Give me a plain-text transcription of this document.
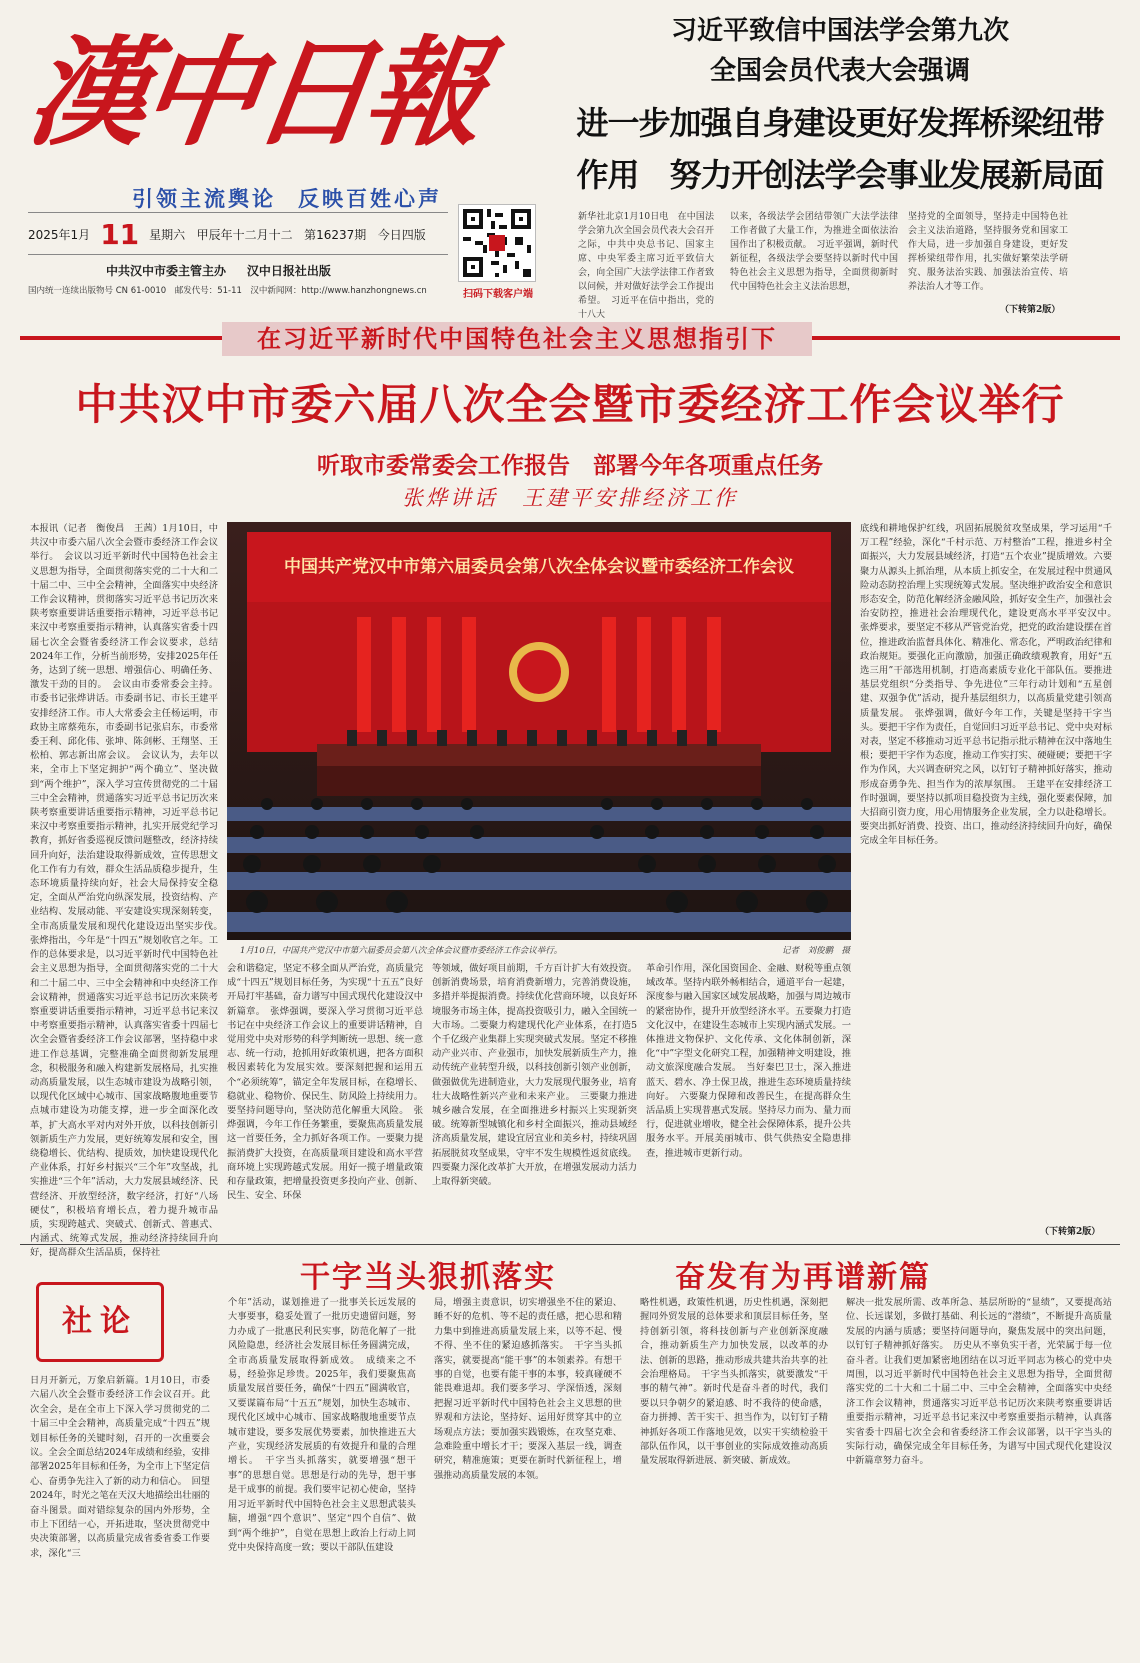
漢中日報
引领主流舆论 反映百姓心声
2025年1月 11 星期六 甲辰年十二月十二 第16237期 今日四版
中共汉中市委主管主办 汉中日报社出版
国内统一连续出版物号 CN 61-0010　邮发代号：51-11　汉中新闻网：http://www.hanzhongnews.cn	扫码下载客户端
习近平致信中国法学会第九次
全国会员代表大会强调
进一步加强自身建设更好发挥桥梁纽带
作用　努力开创法学会事业发展新局面
新华社北京1月10日电　在中国法学会第九次全国会员代表大会召开之际，中共中央总书记、国家主席、中央军委主席习近平致信大会，向全国广大法学法律工作者致以问候，并对做好法学会工作提出希望。　习近平在信中指出，党的十八大
以来，各级法学会团结带领广大法学法律工作者做了大量工作，为推进全面依法治国作出了积极贡献。　习近平强调，新时代新征程，各级法学会要坚持以新时代中国特色社会主义思想为指导，全面贯彻新时代中国特色社会主义法治思想，
坚持党的全面领导，坚持走中国特色社会主义法治道路，坚持服务党和国家工作大局，进一步加强自身建设，更好发挥桥梁纽带作用，扎实做好繁荣法学研究、服务法治实践、加强法治宣传、培养法治人才等工作。
（下转第2版）
在习近平新时代中国特色社会主义思想指引下
中共汉中市委六届八次全会暨市委经济工作会议举行
听取市委常委会工作报告　部署今年各项重点任务
张烨讲话　王建平安排经济工作
本报讯（记者　衡俊昌　王茜）1月10日，中共汉中市委六届八次全会暨市委经济工作会议举行。　会议以习近平新时代中国特色社会主义思想为指导，全面贯彻落实党的二十大和二十届二中、三中全会精神，全面落实中央经济工作会议精神，贯彻落实习近平总书记历次来陕考察重要讲话重要指示精神，习近平总书记来汉中考察重要指示精神，认真落实省委十四届七次全会暨省委经济工作会议要求，总结2024年工作，分析当前形势，安排2025年任务，达到了统一思想、增强信心、明确任务、激发干劲的目的。　会议由市委常委会主持。市委书记张烨讲话。市委副书记、市长王建平安排经济工作。市人大常委会主任杨运明，市政协主席蔡苑东，市委副书记张启东，市委常委王利、邱化伟、张坤、陈剑彬、王翔坚、王松柏、郭志新出席会议。　会议认为，去年以来，全市上下坚定拥护“两个确立”、坚决做到“两个维护”，深入学习宣传贯彻党的二十届三中全会精神，贯通落实习近平总书记历次来陕考察重要讲话重要指示精神，习近平总书记来汉中考察重要指示精神，扎实开展党纪学习教育，抓好省委巡视反馈问题整改，经济持续回升向好，法治建设取得新成效，宣传思想文化工作有力有效，群众生活品质稳步提升，生态环境质量持续向好，社会大局保持安全稳定，全面从严治党向纵深发展，投资结构、产业结构、发展动能、平安建设实现深刻转变，全市高质量发展和现代化建设迈出坚实步伐。　张烨指出，今年是“十四五”规划收官之年。工作的总体要求是，以习近平新时代中国特色社会主义思想为指导，全面贯彻落实党的二十大和二十届二中、三中全会精神和中央经济工作会议精神，贯通落实习近平总书记历次来陕考察重要讲话重要指示精神，习近平总书记来汉中考察重要指示精神，认真落实省委十四届七次全会暨省委经济工作会议部署，坚持稳中求进工作总基调，完整准确全面贯彻新发展理念，积极服务和融入构建新发展格局，扎实推动高质量发展，以生态城市建设为战略引领，以现代化区域中心城市、国家战略腹地重要节点城市建设为功能支撑，进一步全面深化改革，扩大高水平对内对外开放，以科技创新引领新质生产力发展，更好统筹发展和安全，围绕稳增长、优结构、提质效，加快建设现代化产业体系，打好乡村振兴“三个年”攻坚战，扎实推进“三个年”活动，大力发展县域经济、民营经济、开放型经济，数字经济，打好“八场硬仗”，积极培育增长点，着力提升城市品质，实现跨越式、突破式、创新式、普惠式、内涵式、统筹式发展，推动经济持续回升向好，提高群众生活品质，保持社
中国共产党汉中市第六届委员会第八次全体会议暨市委经济工作会议
1月10日，中国共产党汉中市第六届委员会第八次全体会议暨市委经济工作会议举行。	记者　刘俊鹏　摄
会和谐稳定，坚定不移全面从严治党，高质量完成“十四五”规划目标任务，为实现“十五五”良好开局打牢基础，奋力谱写中国式现代化建设汉中新篇章。　张烨强调，要深入学习贯彻习近平总书记在中央经济工作会议上的重要讲话精神，自觉用党中央对形势的科学判断统一思想、统一意志、统一行动，抢抓用好政策机遇，把各方面积极因素转化为发展实效。要深刻把握和运用五个“必须统筹”，锚定全年发展目标，在稳增长、稳就业、稳物价、保民生、防风险上持续用力。要坚持问题导向，坚决防范化解重大风险。　张烨强调，今年工作任务繁重，要聚焦高质量发展这一首要任务，全力抓好各项工作。一要聚力提振消费扩大投资，在高质量项目建设和高水平营商环境上实现跨越式发展。用好一揽子增量政策和存量政策，把增量投资更多投向产业、创新、民生、安全、环保
等领域，做好项目前期，千方百计扩大有效投资。创新消费场景，培育消费新增力，完善消费设施，多措并举提振消费。持续优化营商环境，以良好环境服务市场主体，提高投资吸引力，融入全国统一大市场。二要聚力构建现代化产业体系，在打造5个千亿级产业集群上实现突破式发展。坚定不移推动产业兴市、产业强市，加快发展新质生产力，推动传统产业转型升级，以科技创新引领产业创新，做强做优先进制造业，大力发展现代服务业，培育壮大战略性新兴产业和未来产业。　三要聚力推进城乡融合发展，在全面推进乡村振兴上实现新突破。统筹新型城镇化和乡村全面振兴，推动县域经济高质量发展，建设宜居宜业和美乡村，持续巩固拓展脱贫攻坚成果，守牢不发生规模性返贫底线。四要聚力深化改革扩大开放，在增强发展动力活力上取得新突破。
革命引作用，深化国资国企、金融、财税等重点领域改革。坚持内联外畅相结合，通道平台一起建，深度参与融入国家区域发展战略，加强与周边城市的紧密协作，提升开放型经济水平。五要聚力打造文化汉中，在建设生态城市上实现内涵式发展。一体推进文物保护、文化传承、文化体制创新，深化“中”字型文化研究工程，加强精神文明建设，推动文旅深度融合发展。　当好秦巴卫士，深入推进蓝天、碧水、净土保卫战，推进生态环境质量持续向好。　六要聚力保障和改善民生，在提高群众生活品质上实现普惠式发展。坚持尽力而为、量力而行，促进就业增收，健全社会保障体系，提升公共服务水平。开展美丽城市、供气供热安全隐患排查，推进城市更新行动。
底线和耕地保护红线，巩固拓展脱贫攻坚成果，学习运用“千万工程”经验，深化“千村示范、万村整治”工程，推进乡村全面振兴，大力发展县域经济，打造“五个农业”提质增效。六要聚力从源头上抓治理，从本质上抓安全，在发展过程中贯通风险动态防控治理上实现统筹式发展。坚决维护政治安全和意识形态安全，防范化解经济金融风险，抓好安全生产，加强社会治安防控，推进社会治理现代化，建设更高水平平安汉中。　张烨要求，要坚定不移从严管党治党，把党的政治建设摆在首位，推进政治监督具体化、精准化、常态化，严明政治纪律和政治规矩。要强化正向激励，加强正确政绩观教育，用好“五选三用”干部选用机制，打造高素质专业化干部队伍。要推进基层党组织“分类指导、争先进位”三年行动计划和“五星创建、双强争优”活动，提升基层组织力，以高质量党建引领高质量发展。　张烨强调，做好今年工作，关键是坚持干字当头。要把干字作为责任，自觉回归习近平总书记、党中央对标对表，坚定不移推动习近平总书记指示批示精神在汉中落地生根；要把干字作为态度，推动工作实打实、硬碰硬；要把干字作为作风，大兴调查研究之风，以钉钉子精神抓好落实，推动形成奋勇争先、担当作为的浓厚氛围。　王建平在安排经济工作时强调，要坚持以抓项目稳投资为主线，强化要素保障，加大招商引资力度，用心用情服务企业发展，全力以赴稳增长。要突出抓好消费、投资、出口，推动经济持续回升向好，确保完成全年目标任务。
（下转第2版）
干字当头狠抓落实	奋发有为再谱新篇
社论
日月开新元，万象启新篇。1月10日，市委六届八次全会暨市委经济工作会议召开。此次全会，是在全市上下深入学习贯彻党的二十届三中全会精神，高质量完成“十四五”规划目标任务的关键时刻，召开的一次重要会议。全会全面总结2024年成绩和经验，安排部署2025年目标和任务，为全市上下坚定信心、奋勇争先注入了新的动力和信心。　回望2024年，时光之笔在天汉大地描绘出壮丽的奋斗图景。面对错综复杂的国内外形势，全市上下团结一心，开拓进取，坚决贯彻党中央决策部署，以高质量完成省委省委工作要求，深化“三
个年”活动，谋划推进了一批事关长远发展的大事要事，稳妥处置了一批历史遗留问题，努力办成了一批惠民利民实事，防范化解了一批风险隐患，经济社会发展目标任务圆满完成，全市高质量发展取得新成效。　成绩来之不易，经验弥足珍贵。2025年，我们要聚焦高质量发展首要任务，确保“十四五”圆满收官，又要谋篇布局“十五五”规划，加快生态城市、现代化区域中心城市、国家战略腹地重要节点城市建设，要多发展优势要素，加快推进五大产业，实现经济发展质的有效提升和量的合理增长。　干字当头抓落实，就要增强“想干事”的思想自觉。思想是行动的先导，想干事是干成事的前提。我们要牢记初心使命，坚持用习近平新时代中国特色社会主义思想武装头脑，增强“四个意识”、坚定“四个自信”、做到“两个维护”，自觉在思想上政治上行动上同党中央保持高度一致；要以干部队伍建设
局，增强主责意识，切实增强坐不住的紧迫、睡不好的危机、等不起的责任感，把心思和精力集中到推进高质量发展上来，以等不起、慢不得、坐不住的紧迫感抓落实。　干字当头抓落实，就要提高“能干事”的本领素养。有想干事的自觉，也要有能干事的本事，较真碰硬不能畏难退却。我们要多学习、学深悟透，深刻把握习近平新时代中国特色社会主义思想的世界观和方法论，坚持好、运用好贯穿其中的立场观点方法；要加强实践锻炼，在攻坚克难、急难险重中增长才干；要深入基层一线，调查研究，精准施策；更要在新时代新征程上，增强推动高质量发展的本领。
略性机遇，政策性机遇，历史性机遇，深刻把握同外贸发展的总体要求和顶层目标任务，坚持创新引领，将科技创新与产业创新深度融合，推动新质生产力加快发展，以改革的办法、创新的思路，推动形成共建共治共享的社会治理格局。　干字当头抓落实，就要激发“干事的精气神”。新时代是奋斗者的时代，我们要以只争朝夕的紧迫感、时不我待的使命感，奋力拼搏、苦干实干、担当作为，以钉钉子精神抓好各项工作落地见效，以实干实绩检验干部队伍作风，以干事创业的实际成效推动高质量发展取得新进展、新突破、新成效。
解决一批发展所需、改革所急、基层所盼的“显绩”，又要提高站位、长远谋划，多做打基础、利长远的“潜绩”，不断提升高质量发展的内涵与质感；要坚持问题导向，聚焦发展中的突出问题，以钉钉子精神抓好落实。　历史从不辜负实干者，光荣属于每一位奋斗者。让我们更加紧密地团结在以习近平同志为核心的党中央周围，以习近平新时代中国特色社会主义思想为指导，全面贯彻落实党的二十大和二十届二中、三中全会精神，全面落实中央经济工作会议精神，贯通落实习近平总书记历次来陕考察重要讲话重要指示精神，习近平总书记来汉中考察重要指示精神，认真落实省委十四届七次全会和省委经济工作会议部署，以干字当头的实际行动，确保完成全年目标任务，为谱写中国式现代化建设汉中新篇章努力奋斗。
